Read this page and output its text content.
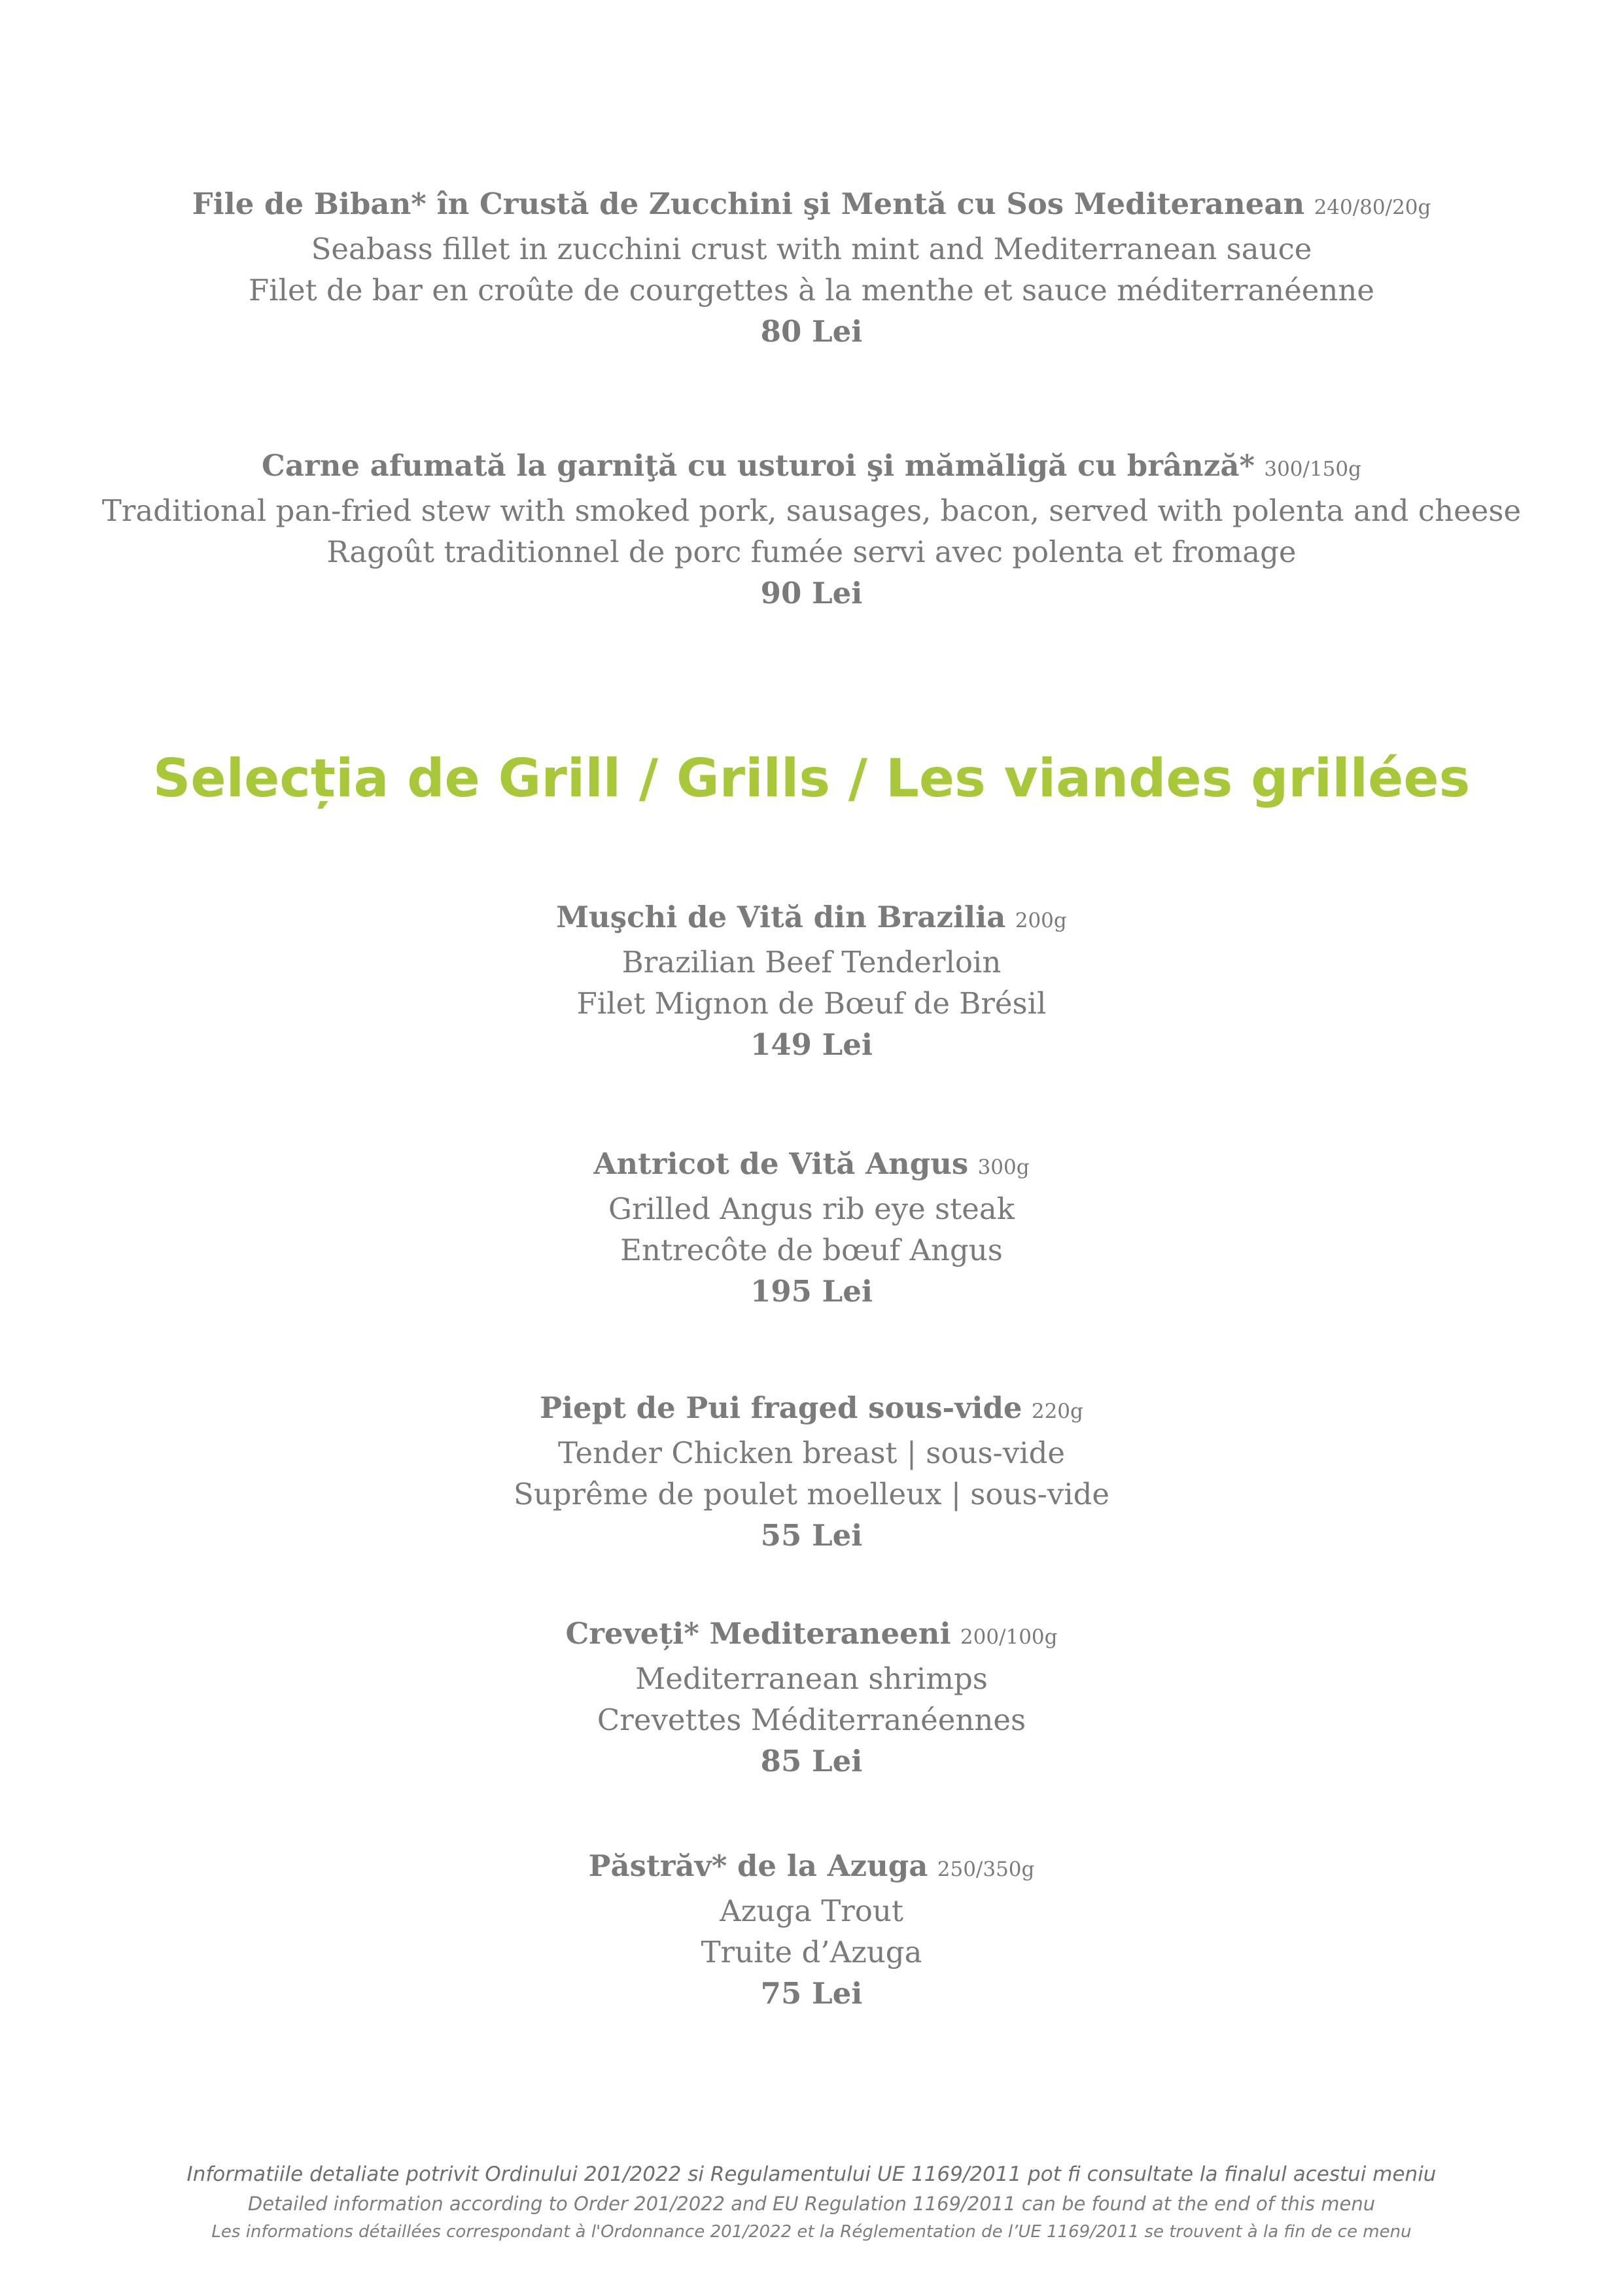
File de Biban* în Crustă de Zucchini şi Mentă cu Sos Mediteranean 240/80/20g
Seabass fillet in zucchini crust with mint and Mediterranean sauce
Filet de bar en croûte de courgettes à la menthe et sauce méditerranéenne
80 Lei
Carne afumată la garniţă cu usturoi şi mămăligă cu brânză* 300/150g
Traditional pan-fried stew with smoked pork, sausages, bacon, served with polenta and cheese
Ragoût traditionnel de porc fumée servi avec polenta et fromage
90 Lei
Selecția de Grill / Grills / Les viandes grillées
Muşchi de Vită din Brazilia 200g
Brazilian Beef Tenderloin
Filet Mignon de Bœuf de Brésil
149 Lei
Antricot de Vită Angus 300g
Grilled Angus rib eye steak
Entrecôte de bœuf Angus
195 Lei
Piept de Pui fraged sous-vide 220g
Tender Chicken breast | sous-vide
Suprême de poulet moelleux | sous-vide
55 Lei
Creveți* Mediteraneeni 200/100g
Mediterranean shrimps
Crevettes Méditerranéennes
85 Lei
Păstrăv* de la Azuga 250/350g
Azuga Trout
Truite d’Azuga
75 Lei
Informatiile detaliate potrivit Ordinului 201/2022 si Regulamentului UE 1169/2011 pot fi consultate la finalul acestui meniu
Detailed information according to Order 201/2022 and EU Regulation 1169/2011 can be found at the end of this menu
Les informations détaillées correspondant à l'Ordonnance 201/2022 et la Réglementation de l’UE 1169/2011 se trouvent à la fin de ce menu
